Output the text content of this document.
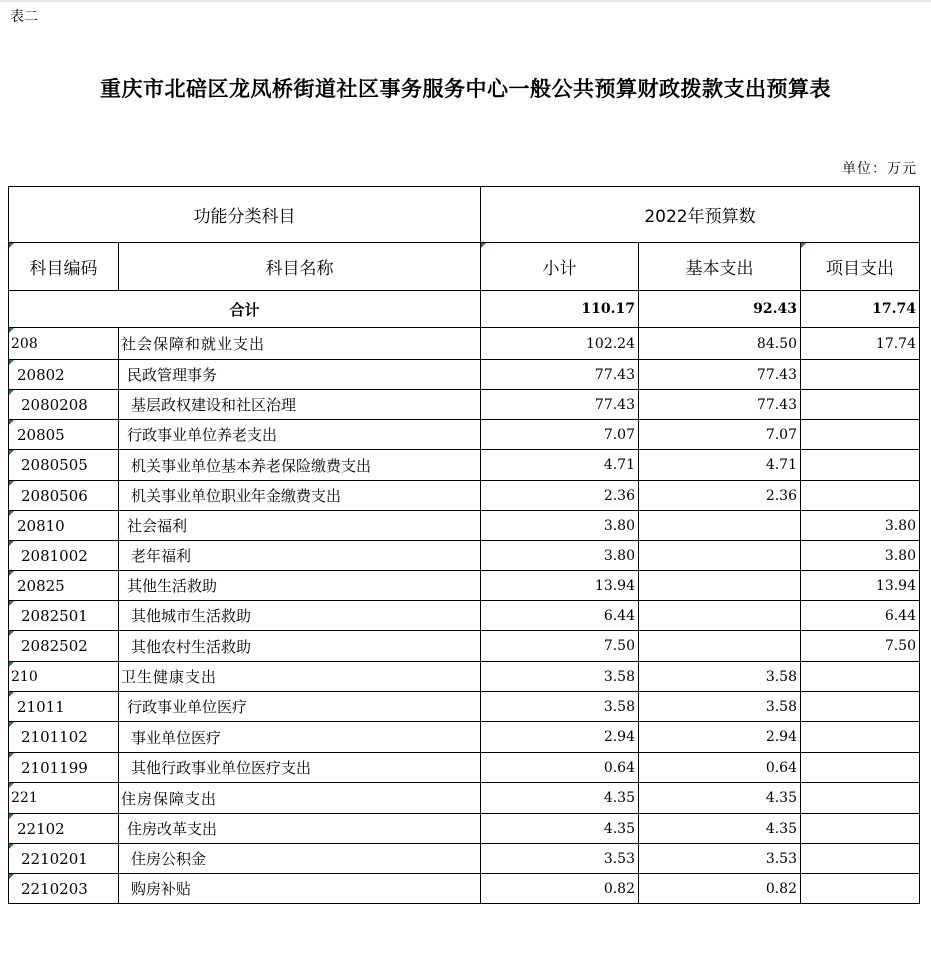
表二
重庆市北碚区龙凤桥街道社区事务服务中心一般公共预算财政拨款支出预算表
单位：万元
功能分类科目		2022年预算数		
科目编码	科目名称	小计	基本支出	项目支出
合计		110.17	92.43	17.74
208	社会保障和就业支出	102.24	84.50	17.74
20802	民政管理事务	77.43	77.43	
2080208	基层政权建设和社区治理	77.43	77.43	
20805	行政事业单位养老支出	7.07	7.07	
2080505	机关事业单位基本养老保险缴费支出	4.71	4.71	
2080506	机关事业单位职业年金缴费支出	2.36	2.36	
20810	社会福利	3.80		3.80
2081002	老年福利	3.80		3.80
20825	其他生活救助	13.94		13.94
2082501	其他城市生活救助	6.44		6.44
2082502	其他农村生活救助	7.50		7.50
210	卫生健康支出	3.58	3.58	
21011	行政事业单位医疗	3.58	3.58	
2101102	事业单位医疗	2.94	2.94	
2101199	其他行政事业单位医疗支出	0.64	0.64	
221	住房保障支出	4.35	4.35	
22102	住房改革支出	4.35	4.35	
2210201	住房公积金	3.53	3.53	
2210203	购房补贴	0.82	0.82	
